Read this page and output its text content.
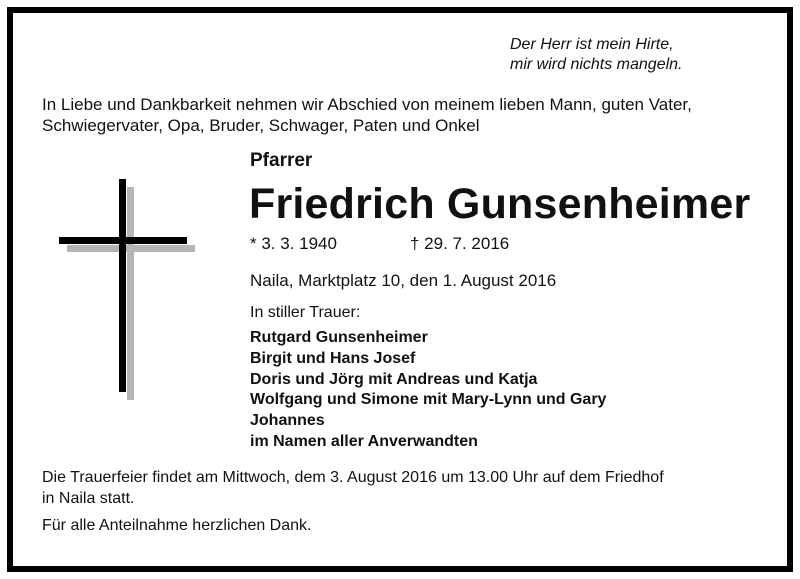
Der Herr ist mein Hirte,
mir wird nichts mangeln.
In Liebe und Dankbarkeit nehmen wir Abschied von meinem lieben Mann, guten Vater,
Schwiegervater, Opa, Bruder, Schwager, Paten und Onkel
Pfarrer
Friedrich Gunsenheimer
* 3. 3. 1940	† 29. 7. 2016
Naila, Marktplatz 10, den 1. August 2016
In stiller Trauer:
Rutgard Gunsenheimer
Birgit und Hans Josef
Doris und Jörg mit Andreas und Katja
Wolfgang und Simone mit Mary-Lynn und Gary
Johannes
im Namen aller Anverwandten
Die Trauerfeier findet am Mittwoch, dem 3. August 2016 um 13.00 Uhr auf dem Friedhof
in Naila statt.
Für alle Anteilnahme herzlichen Dank.
